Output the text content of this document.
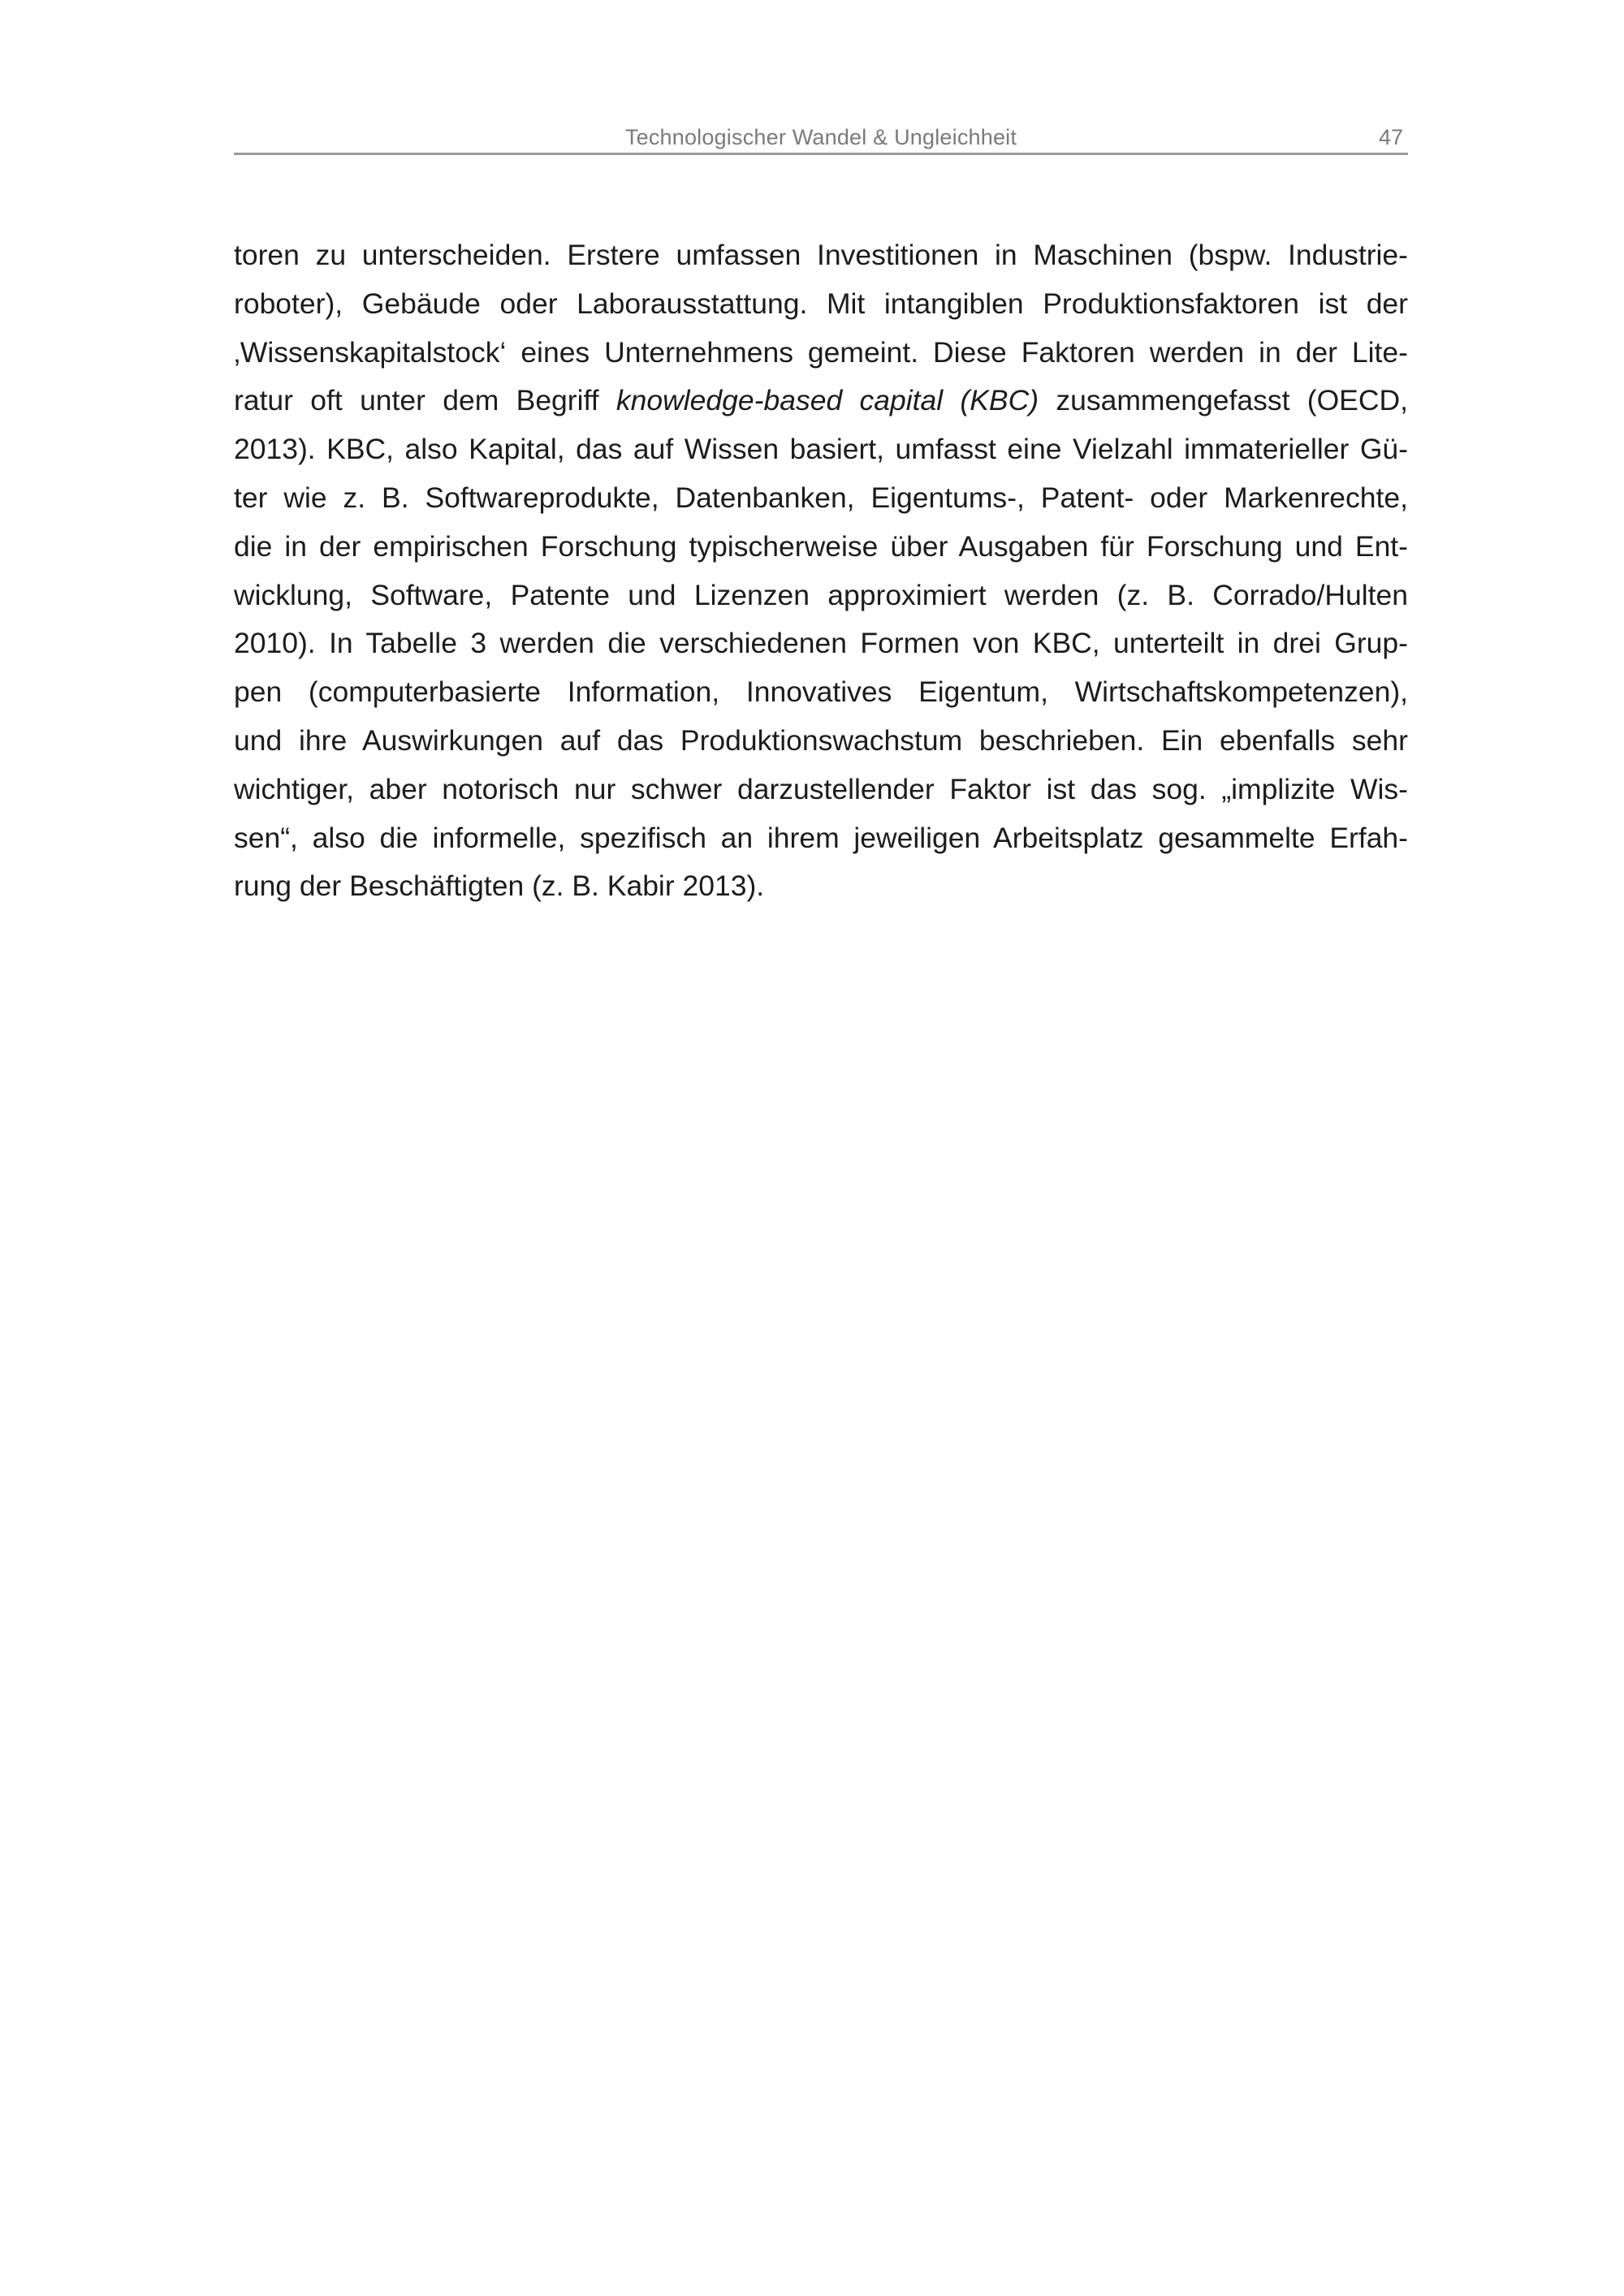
Technologischer Wandel & Ungleichheit	47
toren zu unterscheiden. Erstere umfassen Investitionen in Maschinen (bspw. Industrie-
roboter), Gebäude oder Laborausstattung. Mit intangiblen Produktionsfaktoren ist der
‚Wissenskapitalstock‘ eines Unternehmens gemeint. Diese Faktoren werden in der Lite-
ratur oft unter dem Begriff knowledge-based capital (KBC) zusammengefasst (OECD,
2013). KBC, also Kapital, das auf Wissen basiert, umfasst eine Vielzahl immaterieller Gü-
ter wie z. B. Softwareprodukte, Datenbanken, Eigentums-, Patent- oder Markenrechte,
die in der empirischen Forschung typischerweise über Ausgaben für Forschung und Ent-
wicklung, Software, Patente und Lizenzen approximiert werden (z. B. Corrado/Hulten
2010). In Tabelle 3 werden die verschiedenen Formen von KBC, unterteilt in drei Grup-
pen (computerbasierte Information, Innovatives Eigentum, Wirtschaftskompetenzen),
und ihre Auswirkungen auf das Produktionswachstum beschrieben. Ein ebenfalls sehr
wichtiger, aber notorisch nur schwer darzustellender Faktor ist das sog. „implizite Wis-
sen“, also die informelle, spezifisch an ihrem jeweiligen Arbeitsplatz gesammelte Erfah-
rung der Beschäftigten (z. B. Kabir 2013).
